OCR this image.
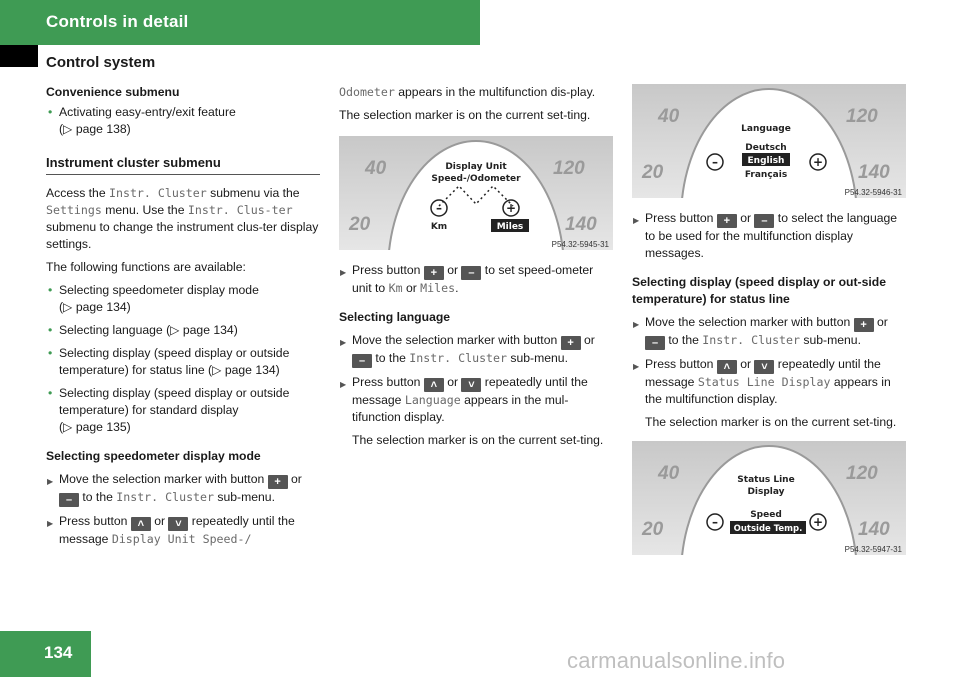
Controls in detail
Control system
Convenience submenu
• Activating easy-entry/exit feature
(▷ page 138)
Instrument cluster submenu
Access the Instr. Cluster submenu via the Settings menu. Use the Instr. Clus-ter submenu to change the instrument clus-ter display settings.
The following functions are available:
• Selecting speedometer display mode
(▷ page 134)
• Selecting language (▷ page 134)
• Selecting display (speed display or outside temperature) for status line (▷ page 134)
• Selecting display (speed display or outside temperature) for standard display
(▷ page 135)
Selecting speedometer display mode
▶ Move the selection marker with button + or – to the Instr. Cluster sub-menu.
▶ Press button ˄ or ˅ repeatedly until the message Display Unit Speed-/
Odometer appears in the multifunction dis-play.
The selection marker is on the current set-ting.
40	120
20	140
Display Unit
Speed-/Odometer
–	+
Km	Miles
P54.32-5945-31
▶ Press button + or – to set speed-ometer unit to Km or Miles.
Selecting language
▶ Move the selection marker with button + or – to the Instr. Cluster sub-menu.
▶ Press button ˄ or ˅ repeatedly until the message Language appears in the mul-tifunction display.
The selection marker is on the current set-ting.
40	120
20	140
Language
Deutsch
English
Français
–	+
P54.32-5946-31
▶ Press button + or – to select the language to be used for the multifunction display messages.
Selecting display (speed display or out-side temperature) for status line
▶ Move the selection marker with button + or – to the Instr. Cluster sub-menu.
▶ Press button ˄ or ˅ repeatedly until the message Status Line Display appears in the multifunction display.
The selection marker is on the current set-ting.
40	120
20	140
Status Line
Display
Speed
Outside Temp.
–	+
P54.32-5947-31
134	carmanualsonline.info
